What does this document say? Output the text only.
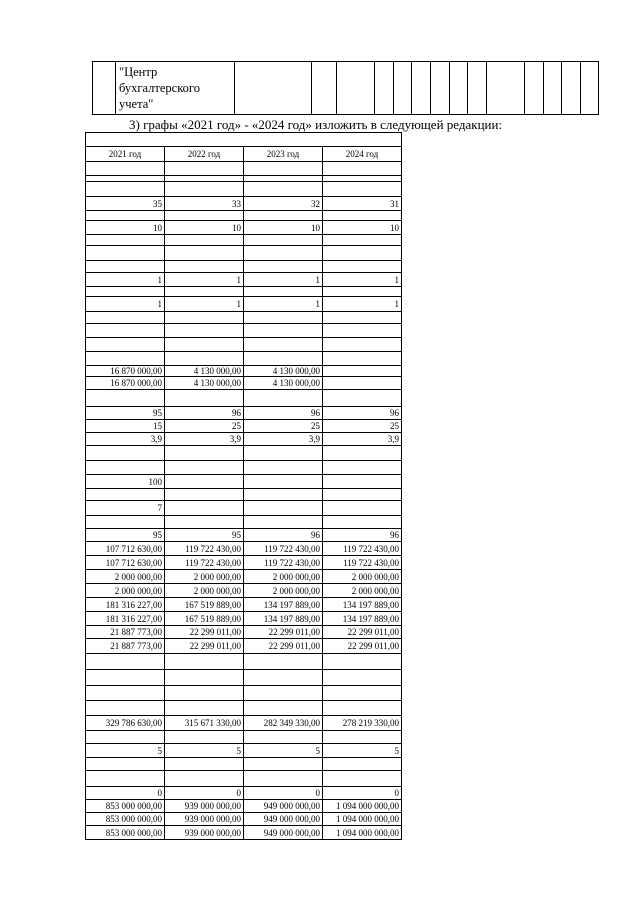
"Центр бухгалтерского учета"

3) графы «2021 год» - «2024 год» изложить в следующей редакции:

2021 год	2022 год	2023 год	2024 год

35	33	32	31

10	10	10	10

1	1	1	1

1	1	1	1

16 870 000,00	4 130 000,00	4 130 000,00	
16 870 000,00	4 130 000,00	4 130 000,00	

95	96	96	96
15	25	25	25
3,9	3,9	3,9	3,9

100			

7			

95	95	96	96
107 712 630,00	119 722 430,00	119 722 430,00	119 722 430,00
107 712 630,00	119 722 430,00	119 722 430,00	119 722 430,00
2 000 000,00	2 000 000,00	2 000 000,00	2 000 000,00
2 000 000,00	2 000 000,00	2 000 000,00	2 000 000,00
181 316 227,00	167 519 889,00	134 197 889,00	134 197 889,00
181 316 227,00	167 519 889,00	134 197 889,00	134 197 889,00
21 887 773,00	22 299 011,00	22 299 011,00	22 299 011,00
21 887 773,00	22 299 011,00	22 299 011,00	22 299 011,00

329 786 630,00	315 671 330,00	282 349 330,00	278 219 330,00

5	5	5	5

0	0	0	0
853 000 000,00	939 000 000,00	949 000 000,00	1 094 000 000,00
853 000 000,00	939 000 000,00	949 000 000,00	1 094 000 000,00
853 000 000,00	939 000 000,00	949 000 000,00	1 094 000 000,00
